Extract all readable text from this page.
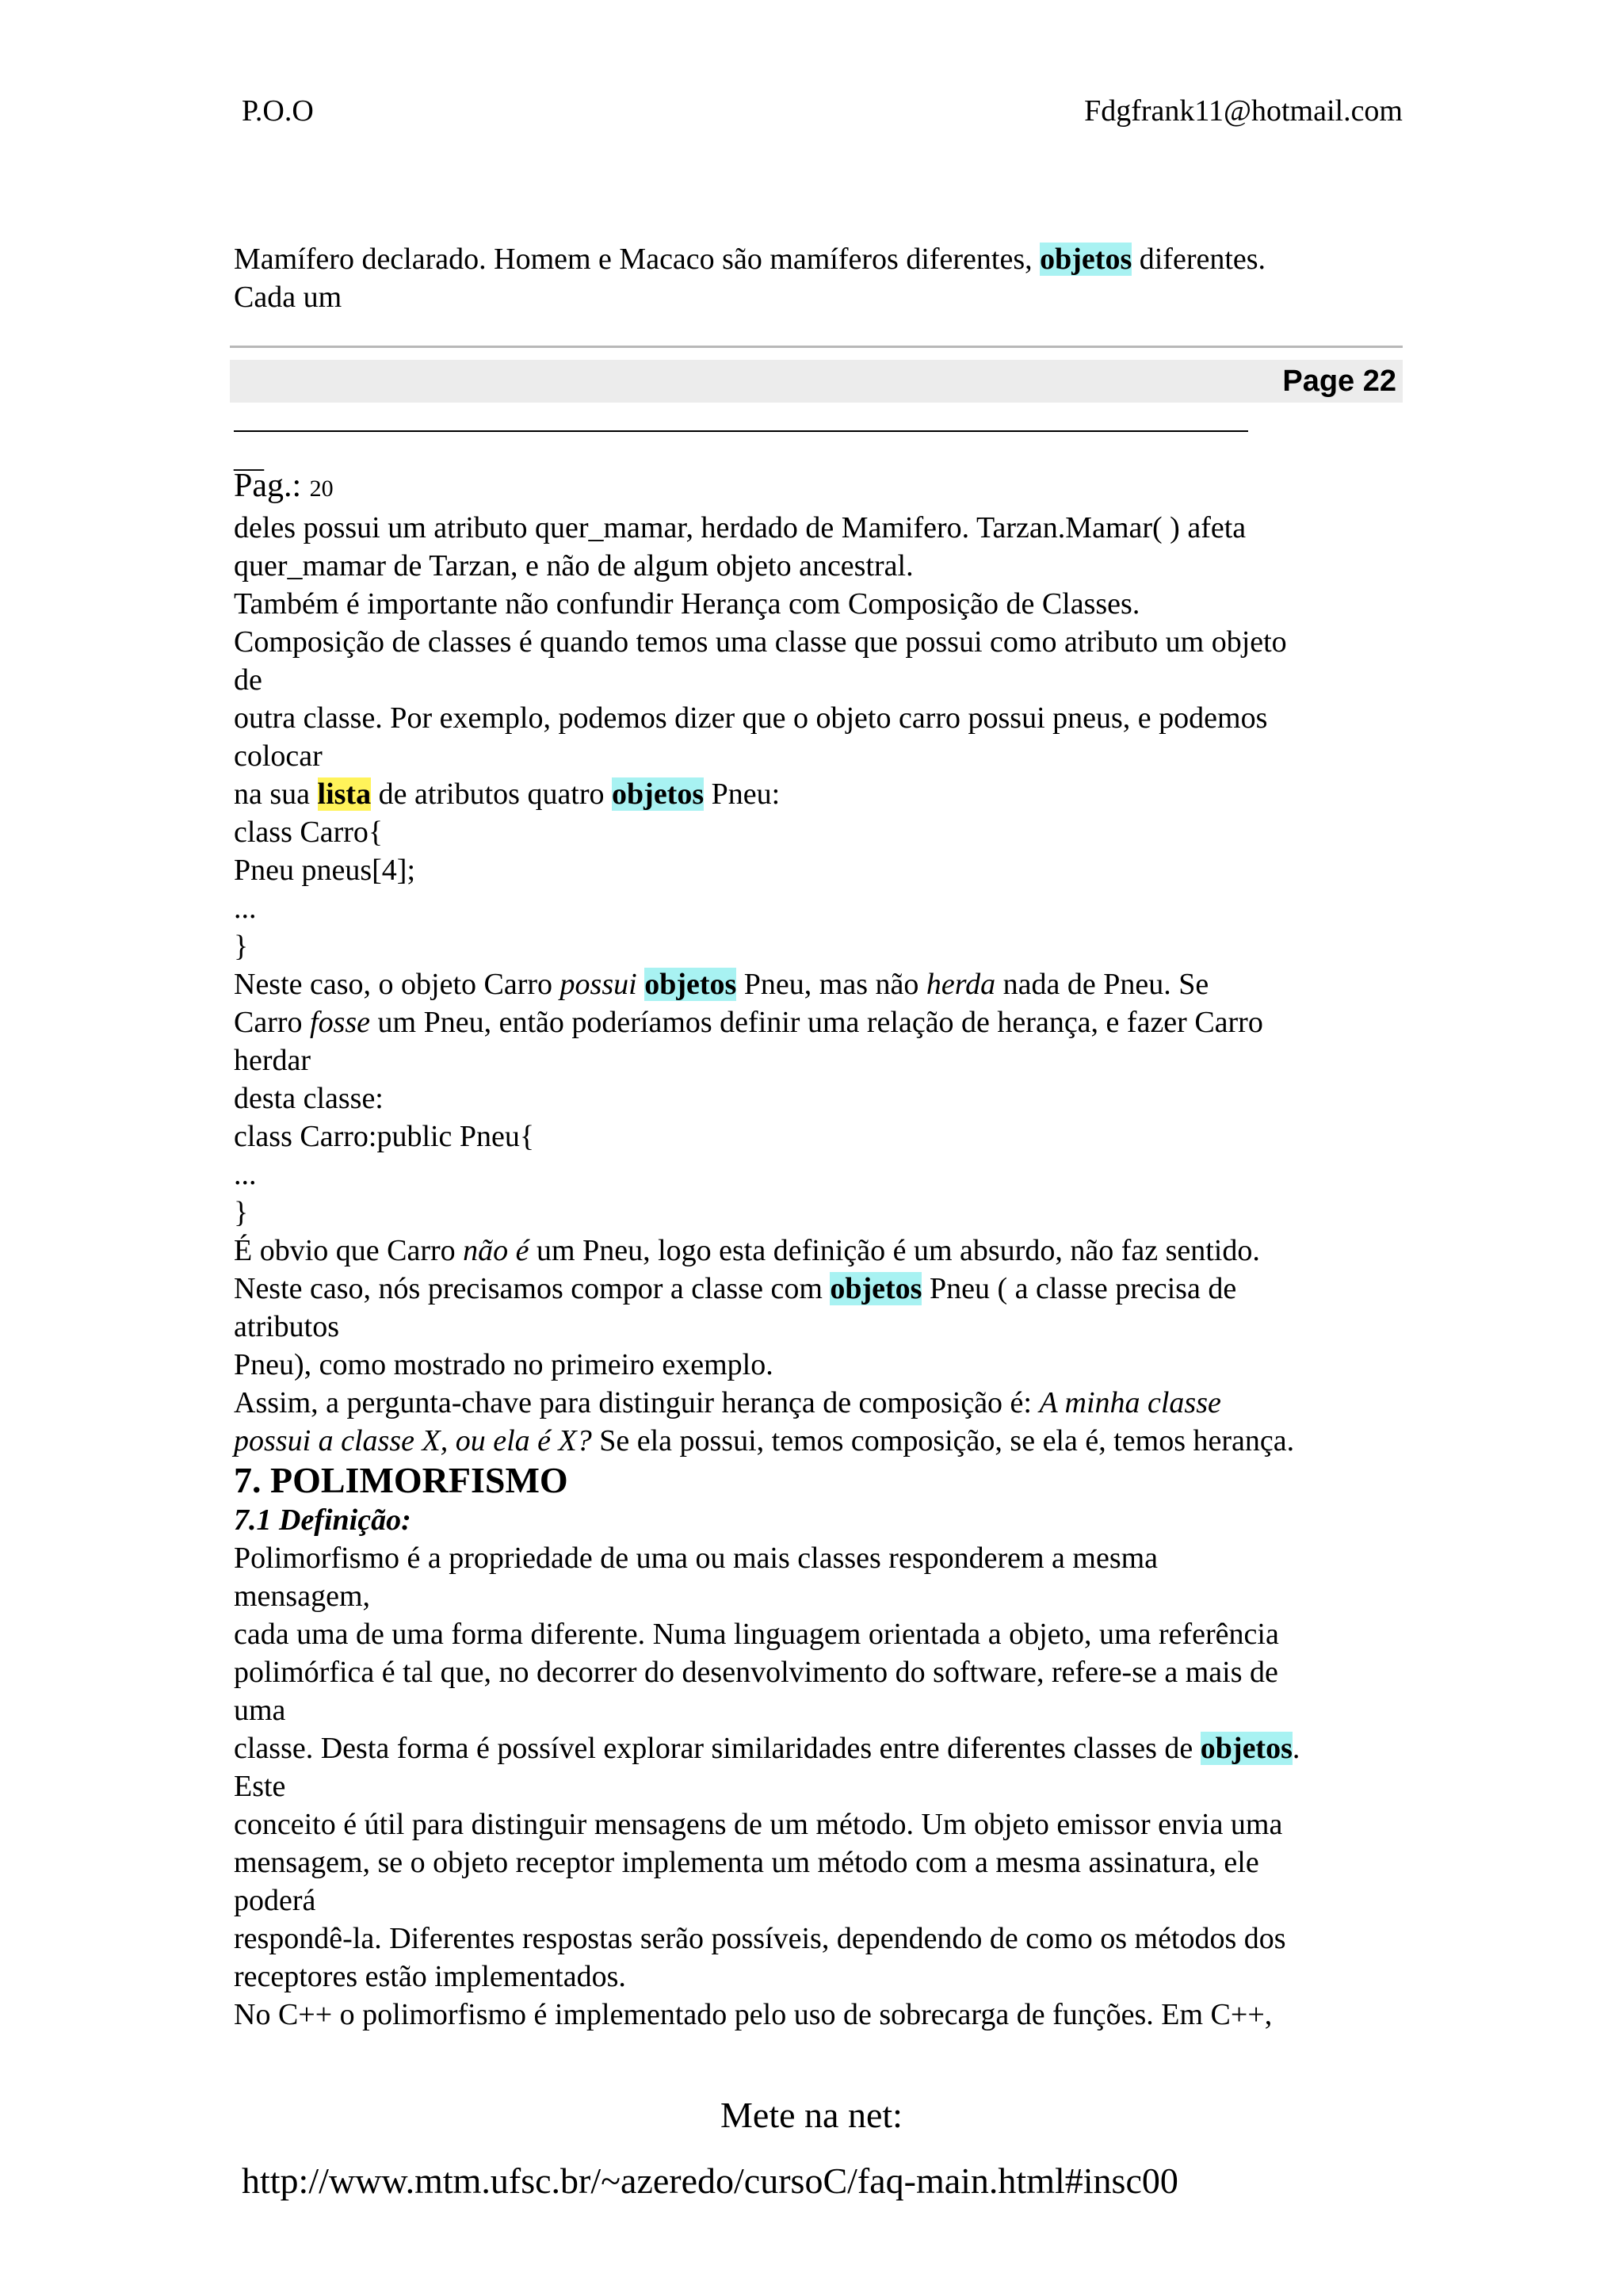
P.O.O	Fdgfrank11@hotmail.com
Mamífero declarado. Homem e Macaco são mamíferos diferentes, objetos diferentes.
Cada um
Page 22
__
Pag.: 20
deles possui um atributo quer_mamar, herdado de Mamifero. Tarzan.Mamar( ) afeta
quer_mamar de Tarzan, e não de algum objeto ancestral.
Também é importante não confundir Herança com Composição de Classes.
Composição de classes é quando temos uma classe que possui como atributo um objeto
de
outra classe. Por exemplo, podemos dizer que o objeto carro possui pneus, e podemos
colocar
na sua lista de atributos quatro objetos Pneu:
class Carro{
Pneu pneus[4];
...
}
Neste caso, o objeto Carro possui objetos Pneu, mas não herda nada de Pneu. Se
Carro fosse um Pneu, então poderíamos definir uma relação de herança, e fazer Carro
herdar
desta classe:
class Carro:public Pneu{
...
}
É obvio que Carro não é um Pneu, logo esta definição é um absurdo, não faz sentido.
Neste caso, nós precisamos compor a classe com objetos Pneu ( a classe precisa de
atributos
Pneu), como mostrado no primeiro exemplo.
Assim, a pergunta-chave para distinguir herança de composição é: A minha classe
possui a classe X, ou ela é X? Se ela possui, temos composição, se ela é, temos herança.
7. POLIMORFISMO
7.1 Definição:
Polimorfismo é a propriedade de uma ou mais classes responderem a mesma
mensagem,
cada uma de uma forma diferente. Numa linguagem orientada a objeto, uma referência
polimórfica é tal que, no decorrer do desenvolvimento do software, refere-se a mais de
uma
classe. Desta forma é possível explorar similaridades entre diferentes classes de objetos.
Este
conceito é útil para distinguir mensagens de um método. Um objeto emissor envia uma
mensagem, se o objeto receptor implementa um método com a mesma assinatura, ele
poderá
respondê-la. Diferentes respostas serão possíveis, dependendo de como os métodos dos
receptores estão implementados.
No C++ o polimorfismo é implementado pelo uso de sobrecarga de funções. Em C++,
Mete na net:
http://www.mtm.ufsc.br/~azeredo/cursoC/faq-main.html#insc00
